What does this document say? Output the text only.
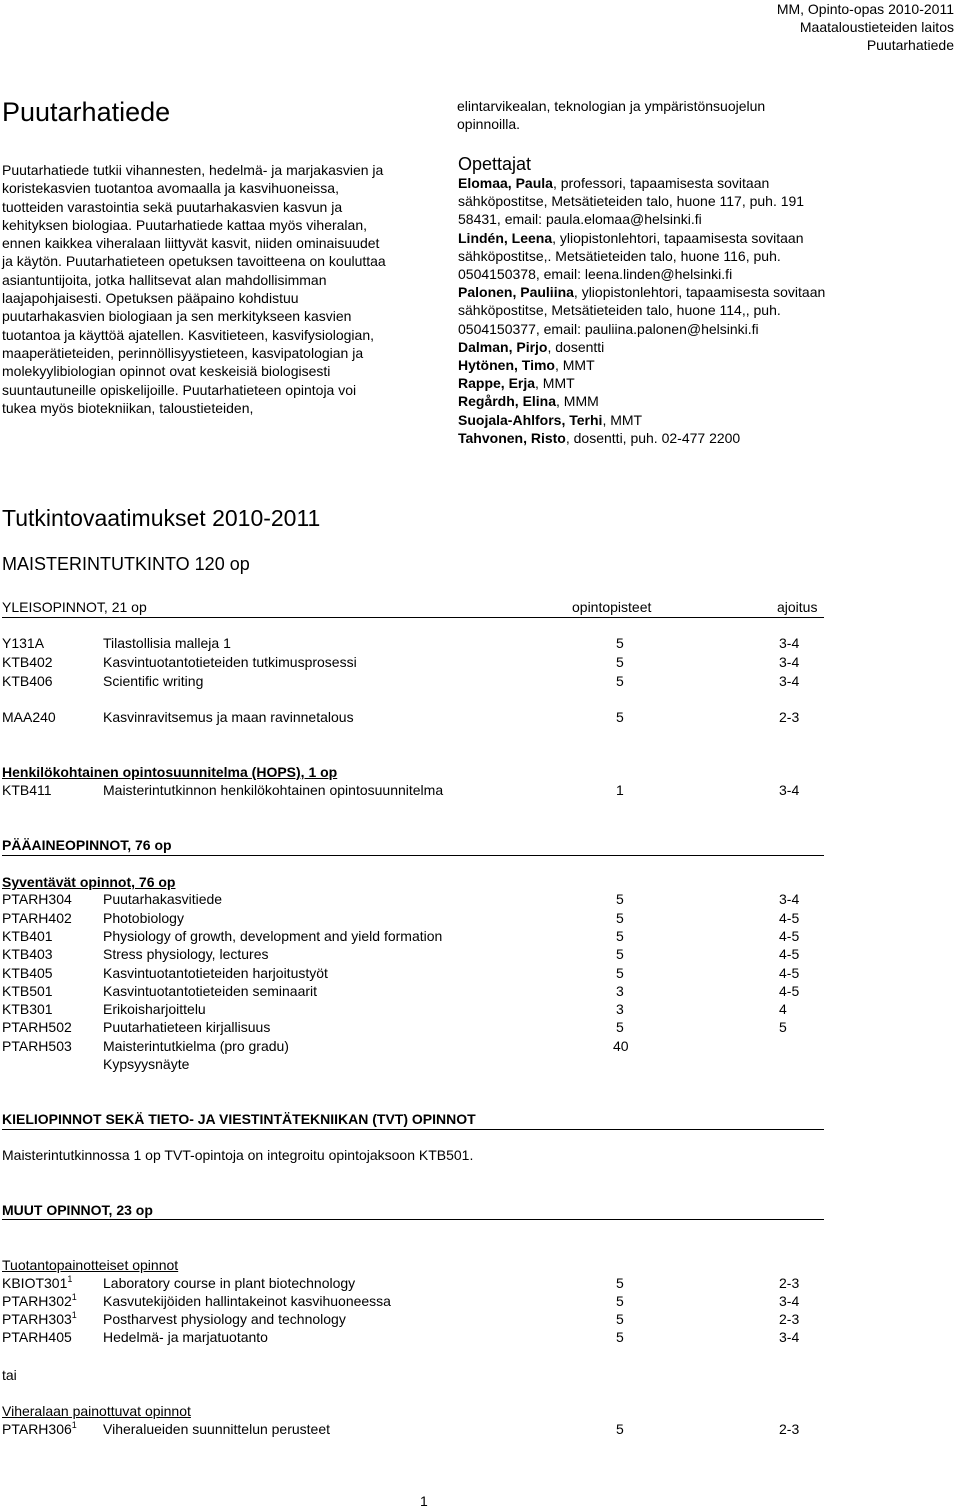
MM, Opinto-opas 2010-2011
Maataloustieteiden laitos
Puutarhatiede
Puutarhatiede
Puutarhatiede tutkii vihannesten, hedelmä- ja marjakasvien ja koristekasvien tuotantoa avomaalla ja kasvihuoneissa, tuotteiden varastointia sekä puutarhakasvien kasvun ja kehityksen biologiaa. Puutarhatiede kattaa myös viheralan, ennen kaikkea viheralaan liittyvät kasvit, niiden ominaisuudet ja käytön. Puutarhatieteen opetuksen tavoitteena on kouluttaa asiantuntijoita, jotka hallitsevat alan mahdollisimman laajapohjaisesti. Opetuksen pääpaino kohdistuu puutarhakasvien biologiaan ja sen merkitykseen kasvien tuotantoa ja käyttöä ajatellen. Kasvitieteen, kasvifysiologian, maaperätieteiden, perinnöllisyystieteen, kasvipatologian ja molekyylibiologian opinnot ovat keskeisiä biologisesti suuntautuneille opiskelijoille. Puutarhatieteen opintoja voi tukea myös biotekniikan, taloustieteiden,
elintarvikealan, teknologian ja ympäristönsuojelun opinnoilla.
Opettajat
Elomaa, Paula, professori, tapaamisesta sovitaan sähköpostitse, Metsätieteiden talo, huone 117, puh. 191 58431, email: paula.elomaa@helsinki.fi
Lindén, Leena, yliopistonlehtori, tapaamisesta sovitaan sähköpostitse,. Metsätieteiden talo, huone 116, puh. 0504150378, email: leena.linden@helsinki.fi
Palonen, Pauliina, yliopistonlehtori, tapaamisesta sovitaan sähköpostitse, Metsätieteiden talo, huone 114,, puh. 0504150377, email: pauliina.palonen@helsinki.fi
Dalman, Pirjo, dosentti
Hytönen, Timo, MMT
Rappe, Erja, MMT
Regårdh, Elina, MMM
Suojala-Ahlfors, Terhi, MMT
Tahvonen, Risto, dosentti, puh. 02-477 2200
Tutkintovaatimukset 2010-2011
MAISTERINTUTKINTO 120 op
YLEISOPINNOT, 21 op	opintopisteet	ajoitus
Y131A	Tilastollisia malleja 1	5	3-4
KTB402	Kasvintuotantotieteiden tutkimusprosessi	5	3-4
KTB406	Scientific writing	5	3-4
MAA240	Kasvinravitsemus ja maan ravinnetalous	5	2-3
Henkilökohtainen opintosuunnitelma (HOPS), 1 op
KTB411	Maisterintutkinnon henkilökohtainen opintosuunnitelma	1	3-4
PÄÄAINEOPINNOT, 76 op
Syventävät opinnot, 76 op
PTARH304 Puutarhakasvitiede	5	3-4
PTARH402 Photobiology	5	4-5
KTB401	Physiology of growth, development and yield formation	5	4-5
KTB403	Stress physiology, lectures	5	4-5
KTB405	Kasvintuotantotieteiden harjoitustyöt	5	4-5
KTB501	Kasvintuotantotieteiden seminaarit	3	4-5
KTB301	Erikoisharjoittelu	3	4
PTARH502 Puutarhatieteen kirjallisuus	5	5
PTARH503 Maisterintutkielma (pro gradu)	40
Kypsyysnäyte
KIELIOPINNOT SEKÄ TIETO- JA VIESTINTÄTEKNIIKAN (TVT) OPINNOT
Maisterintutkinnossa 1 op TVT-opintoja on integroitu opintojaksoon KTB501.
MUUT OPINNOT, 23 op
Tuotantopainotteiset opinnot
$KBIOT301^1$ Laboratory course in plant biotechnology	5	2-3
$PTARH302^1$ Kasvutekijöiden hallintakeinot kasvihuoneessa	5	3-4
$PTARH303^1$ Postharvest physiology and technology	5	2-3
PTARH405 Hedelmä- ja marjatuotanto	5	3-4
tai
Viheralaan painottuvat opinnot
$PTARH306^1$ Viheralueiden suunnittelun perusteet	5	2-3
1
